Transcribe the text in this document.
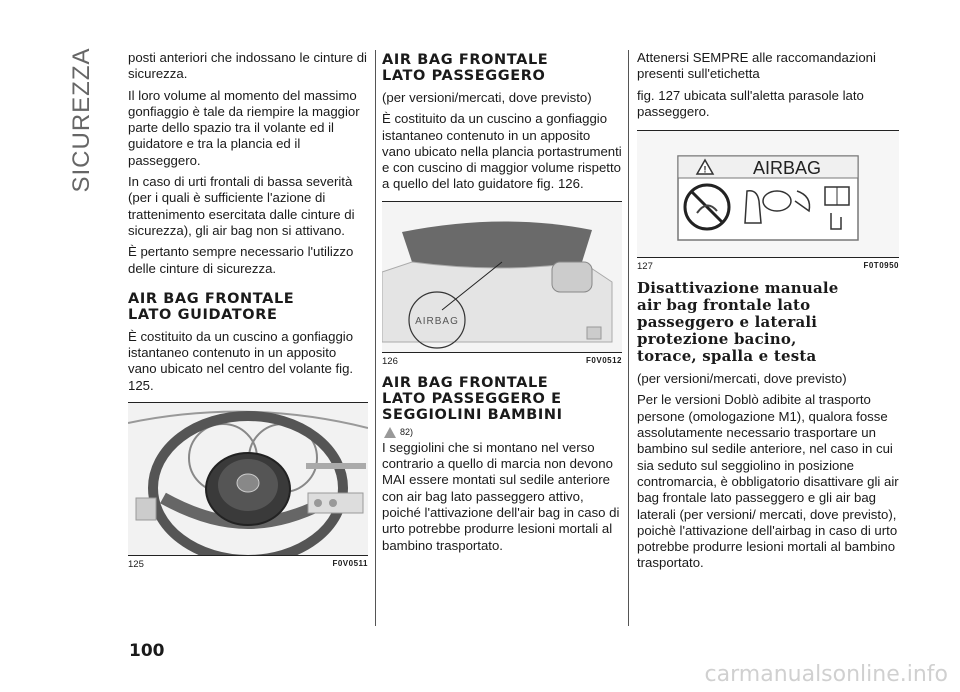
SICUREZZA	posti anteriori che indossano le cinture di sicurezza.

Il loro volume al momento del massimo gonfiaggio è tale da riempire la maggior parte dello spazio tra il volante ed il guidatore e tra la plancia ed il passeggero.

In caso di urti frontali di bassa severità (per i quali è sufficiente l'azione di trattenimento esercitata dalle cinture di sicurezza), gli air bag non si attivano.

È pertanto sempre necessario l'utilizzo delle cinture di sicurezza.

AIR BAG FRONTALE
LATO GUIDATORE

È costituito da un cuscino a gonfiaggio istantaneo contenuto in un apposito vano ubicato nel centro del volante fig. 125.

125	F0V0511
AIR BAG FRONTALE
LATO PASSEGGERO

(per versioni/mercati, dove previsto)

È costituito da un cuscino a gonfiaggio istantaneo contenuto in un apposito vano ubicato nella plancia portastrumenti e con cuscino di maggior volume rispetto a quello del lato guidatore fig. 126.

AIRBAG
126	F0V0512
AIR BAG FRONTALE
LATO PASSEGGERO E
SEGGIOLINI BAMBINI
82)

I seggiolini che si montano nel verso contrario a quello di marcia non devono MAI essere montati sul sedile anteriore con air bag lato passeggero attivo, poiché l'attivazione dell'air bag in caso di urto potrebbe produrre lesioni mortali al bambino trasportato.

Attenersi SEMPRE alle raccomandazioni presenti sull'etichetta

fig. 127 ubicata sull'aletta parasole lato passeggero.

!	AIRBAG
127	F0T0950
Disattivazione manuale
air bag frontale lato
passeggero e laterali
protezione bacino,
torace, spalla e testa

(per versioni/mercati, dove previsto)

Per le versioni Doblò adibite al trasporto persone (omologazione M1), qualora fosse assolutamente necessario trasportare un bambino sul sedile anteriore, nel caso in cui sia seduto sul seggiolino in posizione contromarcia, è obbligatorio disattivare gli air bag frontale lato passeggero e gli air bag laterali (per versioni/ mercati, dove previsto), poichè l'attivazione dell'airbag in caso di urto potrebbe produrre lesioni mortali al bambino trasportato.

100
carmanualsonline.info
